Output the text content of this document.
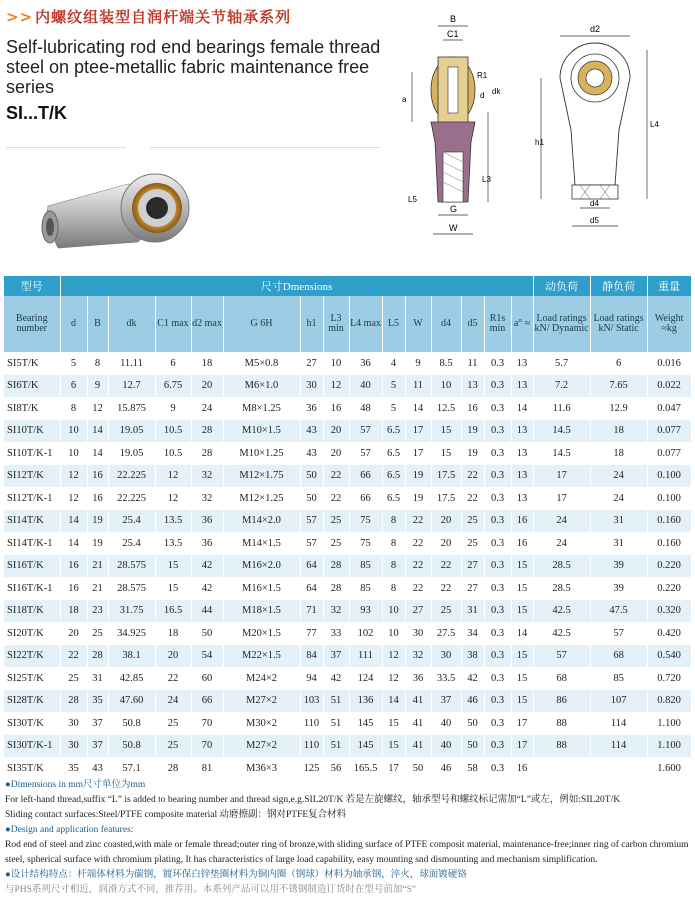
>> 内螺纹组装型自润杆端关节轴承系列
Self-lubricating rod end bearings female thread steel on ptee-metallic fabric maintenance free series
SI...T/K
B
C1
a
R1
d dk
L3
L5
G
W
d2
h1
L4
d4
d5
型号	尺寸Dmensions															动负荷	静负荷	重量
Bearing number	d	B	dk	C1 max	d2 max	G 6H	h1	L3 min	L4 max	L5	W	d4	d5	R1s min	a° ≈	Load ratings kN/ Dynamic	Load ratings kN/ Static	Weight ≈kg
SI5T/K	5	8	11.11	6	18	M5×0.8	27	10	36	4	9	8.5	11	0.3	13	5.7	6	0.016
SI6T/K	6	9	12.7	6.75	20	M6×1.0	30	12	40	5	11	10	13	0.3	13	7.2	7.65	0.022
SI8T/K	8	12	15.875	9	24	M8×1.25	36	16	48	5	14	12.5	16	0.3	14	11.6	12.9	0.047
SI10T/K	10	14	19.05	10.5	28	M10×1.5	43	20	57	6.5	17	15	19	0.3	13	14.5	18	0.077
SI10T/K-1	10	14	19.05	10.5	28	M10×1.25	43	20	57	6.5	17	15	19	0.3	13	14.5	18	0.077
SI12T/K	12	16	22.225	12	32	M12×1.75	50	22	66	6.5	19	17.5	22	0.3	13	17	24	0.100
SI12T/K-1	12	16	22.225	12	32	M12×1.25	50	22	66	6.5	19	17.5	22	0.3	13	17	24	0.100
SI14T/K	14	19	25.4	13.5	36	M14×2.0	57	25	75	8	22	20	25	0.3	16	24	31	0.160
SI14T/K-1	14	19	25.4	13.5	36	M14×1.5	57	25	75	8	22	20	25	0.3	16	24	31	0.160
SI16T/K	16	21	28.575	15	42	M16×2.0	64	28	85	8	22	22	27	0.3	15	28.5	39	0.220
SI16T/K-1	16	21	28.575	15	42	M16×1.5	64	28	85	8	22	22	27	0.3	15	28.5	39	0.220
SI18T/K	18	23	31.75	16.5	44	M18×1.5	71	32	93	10	27	25	31	0.3	15	42.5	47.5	0.320
SI20T/K	20	25	34.925	18	50	M20×1.5	77	33	102	10	30	27.5	34	0.3	14	42.5	57	0.420
SI22T/K	22	28	38.1	20	54	M22×1.5	84	37	111	12	32	30	38	0.3	15	57	68	0.540
SI25T/K	25	31	42.85	22	60	M24×2	94	42	124	12	36	33.5	42	0.3	15	68	85	0.720
SI28T/K	28	35	47.60	24	66	M27×2	103	51	136	14	41	37	46	0.3	15	86	107	0.820
SI30T/K	30	37	50.8	25	70	M30×2	110	51	145	15	41	40	50	0.3	17	88	114	1.100
SI30T/K-1	30	37	50.8	25	70	M27×2	110	51	145	15	41	40	50	0.3	17	88	114	1.100
SI35T/K	35	43	57.1	28	81	M36×3	125	56	165.5	17	50	46	58	0.3	16			1.600
●Dimensions in mm尺寸单位为mm
For left-hand thread,suffix “L” is added to bearing number and thread sign,e.g.SIL20T/K 若是左旋螺纹，轴承型号和螺纹标记需加“L”或左，例如:SIL20T/K
Sliding contact surfaces:Steel/PTFE composite material 动磨擦副：钢对PTFE复合材料
●Design and application features:
Rod end of steel and zinc coasted,with male or female thread;outer ring of bronze,with sliding surface of PTFE composit material, maintenance-free;inner ring of carbon chromium steel, spherical surface with chromium plating, It has characteristics of large load capability, easy mounting snd dismounting and mechanism simplification.
●设计结构特点：杆端体材料为碳钢，镀环保白锌垫圈材料为铜内圈（钢球）材料为轴承钢，淬火，球面镀硬铬
与PHS系列尺寸相近，润滑方式不同，推荐用。本系列产品可以用不锈钢制造订货时在型号前加“S”
